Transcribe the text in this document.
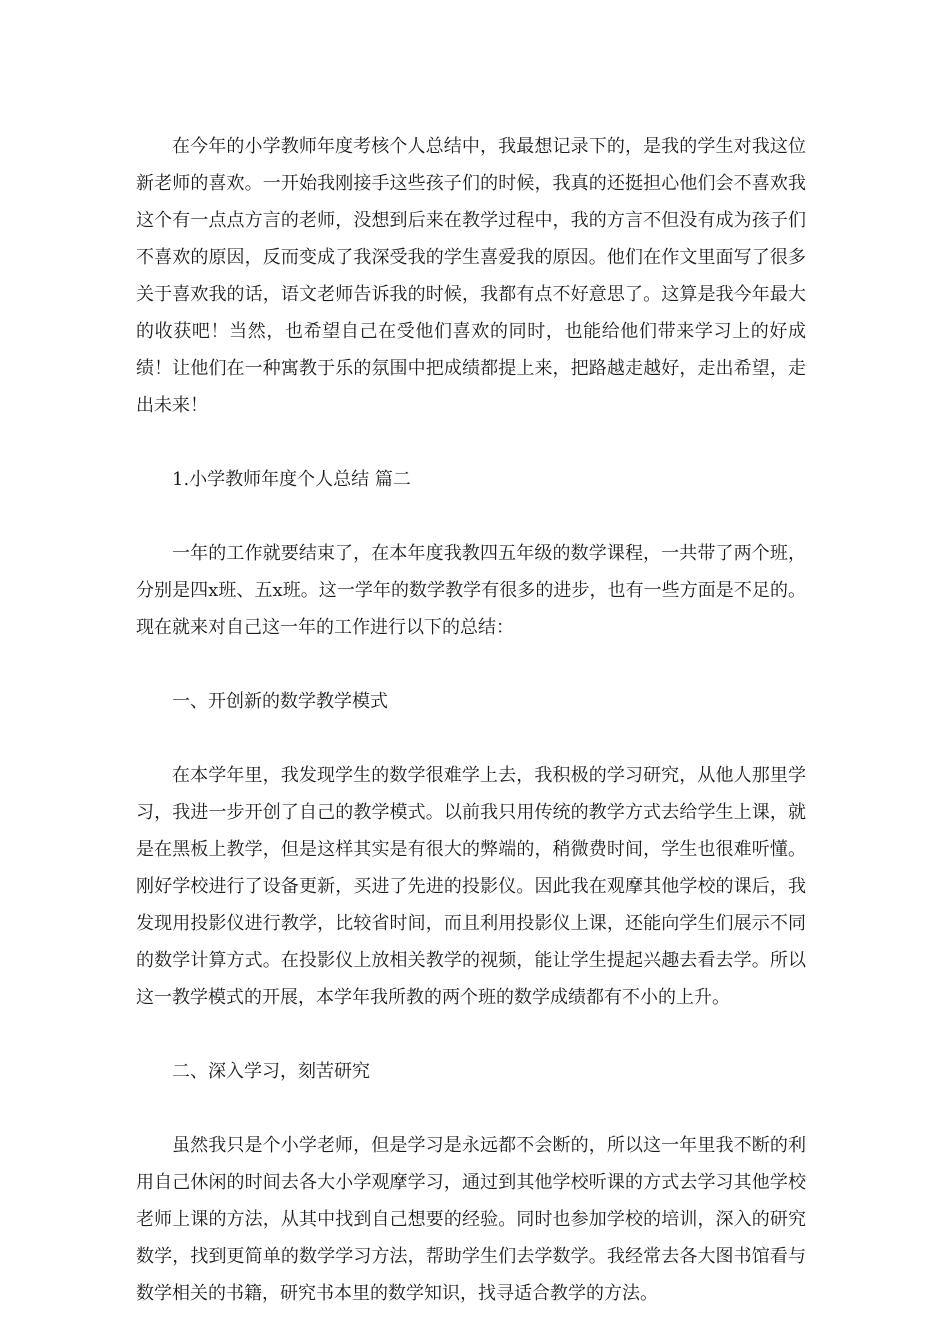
在今年的小学教师年度考核个人总结中，我最想记录下的，是我的学生对我这位新老师的喜欢。一开始我刚接手这些孩子们的时候，我真的还挺担心他们会不喜欢我这个有一点点方言的老师，没想到后来在教学过程中，我的方言不但没有成为孩子们不喜欢的原因，反而变成了我深受我的学生喜爱我的原因。他们在作文里面写了很多关于喜欢我的话，语文老师告诉我的时候，我都有点不好意思了。这算是我今年最大的收获吧！当然，也希望自己在受他们喜欢的同时，也能给他们带来学习上的好成绩！让他们在一种寓教于乐的氛围中把成绩都提上来，把路越走越好，走出希望，走出未来！

1.小学教师年度个人总结 篇二

一年的工作就要结束了，在本年度我教四五年级的数学课程，一共带了两个班，分别是四x班、五x班。这一学年的数学教学有很多的进步，也有一些方面是不足的。现在就来对自己这一年的工作进行以下的总结：

一、开创新的数学教学模式

在本学年里，我发现学生的数学很难学上去，我积极的学习研究，从他人那里学习，我进一步开创了自己的教学模式。以前我只用传统的教学方式去给学生上课，就是在黑板上教学，但是这样其实是有很大的弊端的，稍微费时间，学生也很难听懂。刚好学校进行了设备更新，买进了先进的投影仪。因此我在观摩其他学校的课后，我发现用投影仪进行教学，比较省时间，而且利用投影仪上课，还能向学生们展示不同的数学计算方式。在投影仪上放相关教学的视频，能让学生提起兴趣去看去学。所以这一教学模式的开展，本学年我所教的两个班的数学成绩都有不小的上升。

二、深入学习，刻苦研究

虽然我只是个小学老师，但是学习是永远都不会断的，所以这一年里我不断的利用自己休闲的时间去各大小学观摩学习，通过到其他学校听课的方式去学习其他学校老师上课的方法，从其中找到自己想要的经验。同时也参加学校的培训，深入的研究数学，找到更简单的数学学习方法，帮助学生们去学数学。我经常去各大图书馆看与数学相关的书籍，研究书本里的数学知识，找寻适合教学的方法。
